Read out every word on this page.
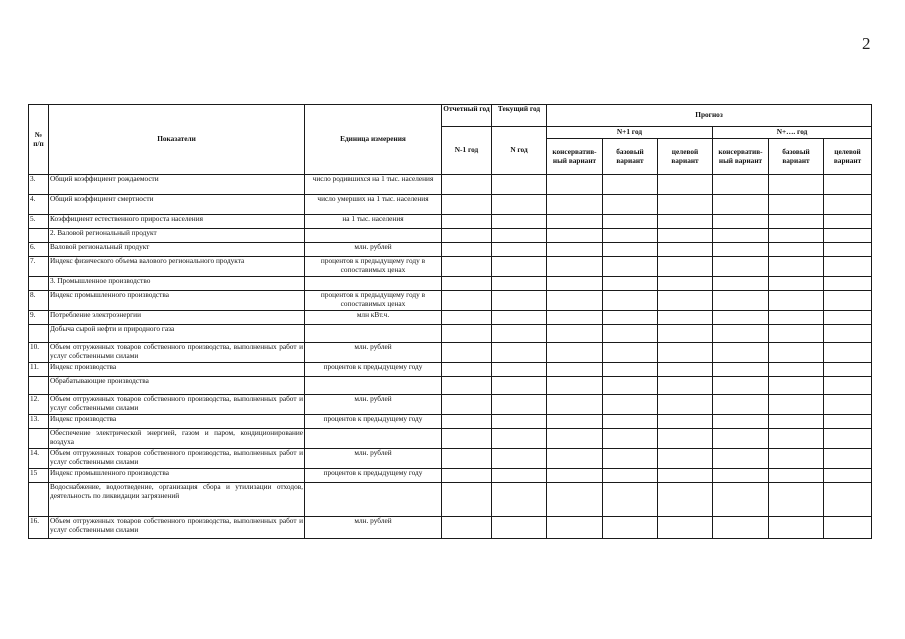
2
№
п/п	Показатели	Единица измерения	Отчетный год	Текущий год	Прогноз					
			N-1 год	N год	N+1 год			N+…. год		
					консерватив-ный вариант	базовый вариант	целевой вариант	консерватив-ный вариант	базовый вариант	целевой вариант
3.	Общий коэффициент рождаемости	число родившихся на 1 тыс. населения								
4.	Общий коэффициент смертности	число умерших на 1 тыс. населения								
5.	Коэффициент естественного прироста населения	на 1 тыс. населения								
	2. Валовой региональный продукт									
6.	Валовой региональный продукт	млн. рублей								
7.	Индекс физического объема валового регионального продукта	процентов к предыдущему году в сопоставимых ценах								
	3. Промышленное производство									
8.	Индекс промышленного производства	процентов к предыдущему году в сопоставимых ценах								
9.	Потребление электроэнергии	млн кВт.ч.								
	Добыча сырой нефти и природного газа									
10.	Объем отгруженных товаров собственного производства, выполненных работ и услуг собственными силами	млн. рублей								
11.	Индекс производства	процентов к предыдущему году								
	Обрабатывающие производства									
12.	Объем отгруженных товаров собственного производства, выполненных работ и услуг собственными силами	млн. рублей								
13.	Индекс производства	процентов к предыдущему году								
	Обеспечение электрической энергией, газом и паром, кондиционирование воздуха									
14.	Объем отгруженных товаров собственного производства, выполненных работ и услуг собственными силами	млн. рублей								
15	Индекс промышленного производства	процентов к предыдущему году								
	Водоснабжение, водоотведение, организация сбора и утилизации отходов, деятельность по ликвидации загрязнений									
16.	Объем отгруженных товаров собственного производства, выполненных работ и услуг собственными силами	млн. рублей								
